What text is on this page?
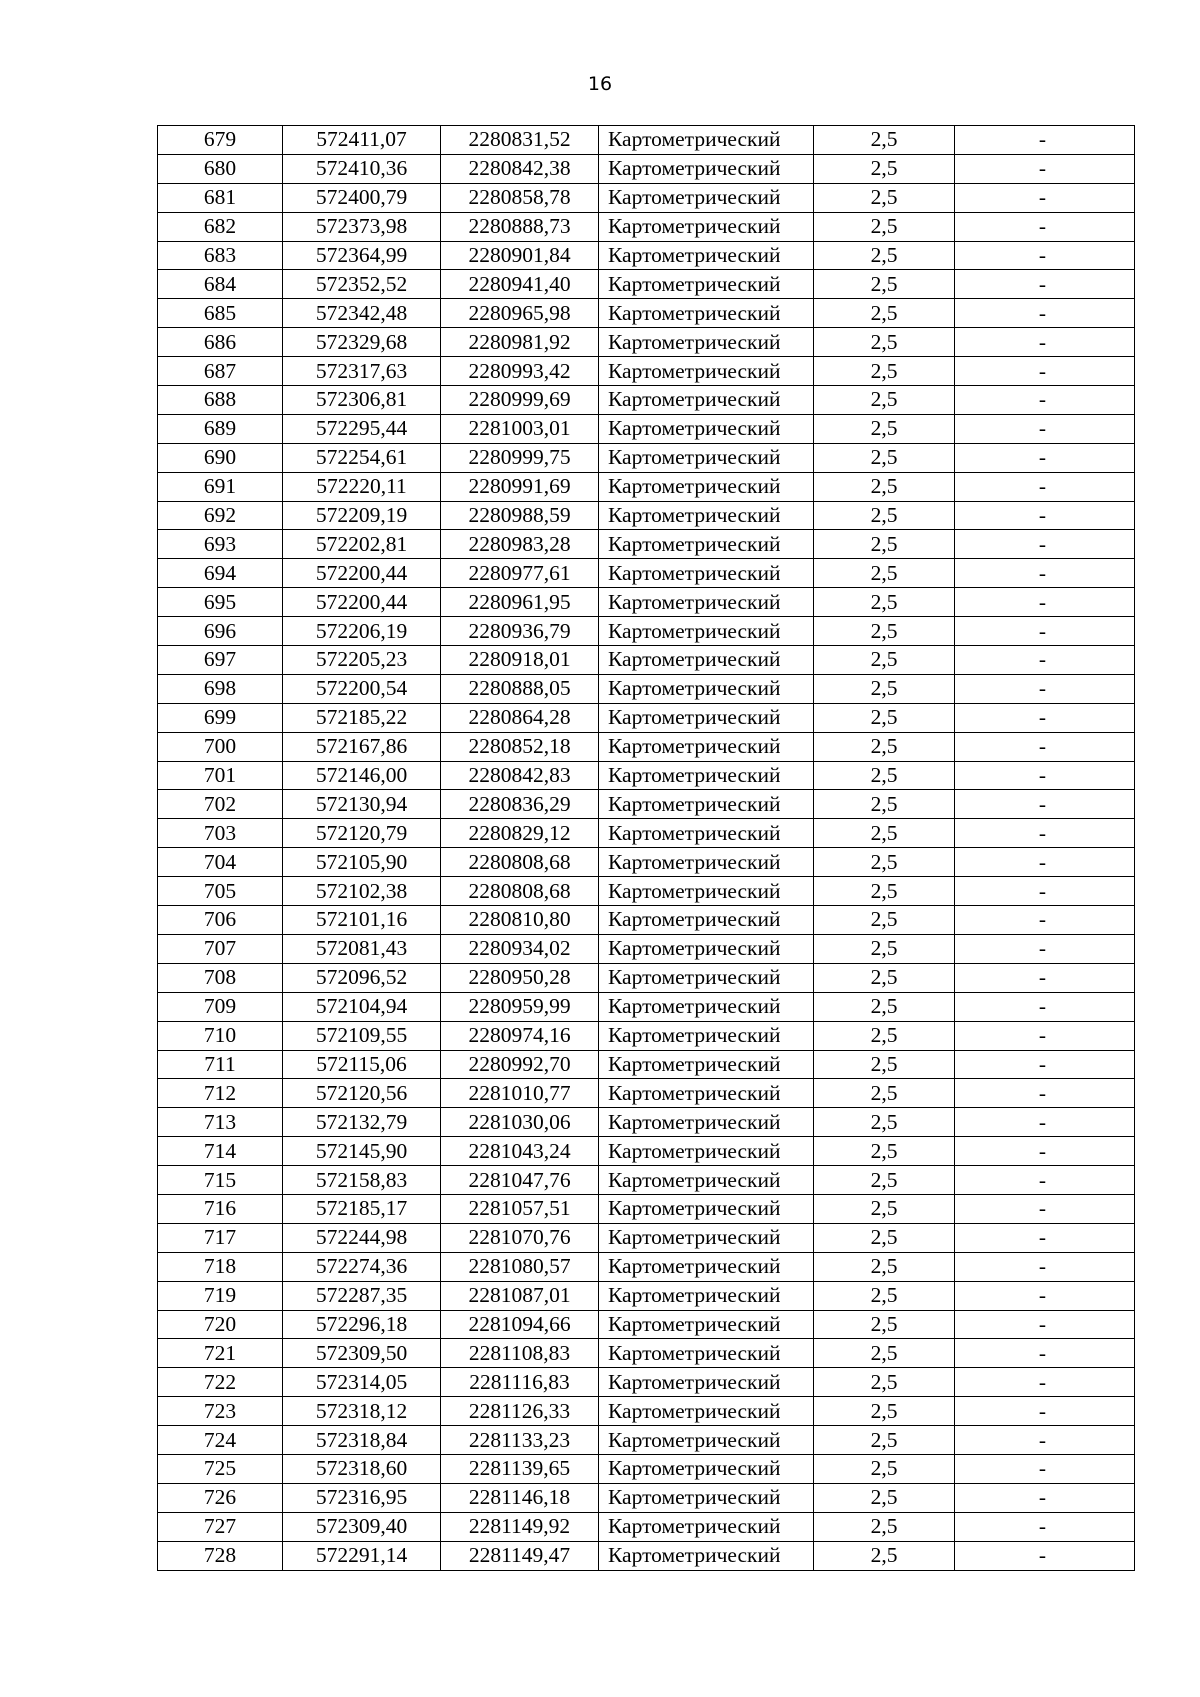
16
679	572411,07	2280831,52	Картометрический	2,5	-
680	572410,36	2280842,38	Картометрический	2,5	-
681	572400,79	2280858,78	Картометрический	2,5	-
682	572373,98	2280888,73	Картометрический	2,5	-
683	572364,99	2280901,84	Картометрический	2,5	-
684	572352,52	2280941,40	Картометрический	2,5	-
685	572342,48	2280965,98	Картометрический	2,5	-
686	572329,68	2280981,92	Картометрический	2,5	-
687	572317,63	2280993,42	Картометрический	2,5	-
688	572306,81	2280999,69	Картометрический	2,5	-
689	572295,44	2281003,01	Картометрический	2,5	-
690	572254,61	2280999,75	Картометрический	2,5	-
691	572220,11	2280991,69	Картометрический	2,5	-
692	572209,19	2280988,59	Картометрический	2,5	-
693	572202,81	2280983,28	Картометрический	2,5	-
694	572200,44	2280977,61	Картометрический	2,5	-
695	572200,44	2280961,95	Картометрический	2,5	-
696	572206,19	2280936,79	Картометрический	2,5	-
697	572205,23	2280918,01	Картометрический	2,5	-
698	572200,54	2280888,05	Картометрический	2,5	-
699	572185,22	2280864,28	Картометрический	2,5	-
700	572167,86	2280852,18	Картометрический	2,5	-
701	572146,00	2280842,83	Картометрический	2,5	-
702	572130,94	2280836,29	Картометрический	2,5	-
703	572120,79	2280829,12	Картометрический	2,5	-
704	572105,90	2280808,68	Картометрический	2,5	-
705	572102,38	2280808,68	Картометрический	2,5	-
706	572101,16	2280810,80	Картометрический	2,5	-
707	572081,43	2280934,02	Картометрический	2,5	-
708	572096,52	2280950,28	Картометрический	2,5	-
709	572104,94	2280959,99	Картометрический	2,5	-
710	572109,55	2280974,16	Картометрический	2,5	-
711	572115,06	2280992,70	Картометрический	2,5	-
712	572120,56	2281010,77	Картометрический	2,5	-
713	572132,79	2281030,06	Картометрический	2,5	-
714	572145,90	2281043,24	Картометрический	2,5	-
715	572158,83	2281047,76	Картометрический	2,5	-
716	572185,17	2281057,51	Картометрический	2,5	-
717	572244,98	2281070,76	Картометрический	2,5	-
718	572274,36	2281080,57	Картометрический	2,5	-
719	572287,35	2281087,01	Картометрический	2,5	-
720	572296,18	2281094,66	Картометрический	2,5	-
721	572309,50	2281108,83	Картометрический	2,5	-
722	572314,05	2281116,83	Картометрический	2,5	-
723	572318,12	2281126,33	Картометрический	2,5	-
724	572318,84	2281133,23	Картометрический	2,5	-
725	572318,60	2281139,65	Картометрический	2,5	-
726	572316,95	2281146,18	Картометрический	2,5	-
727	572309,40	2281149,92	Картометрический	2,5	-
728	572291,14	2281149,47	Картометрический	2,5	-
